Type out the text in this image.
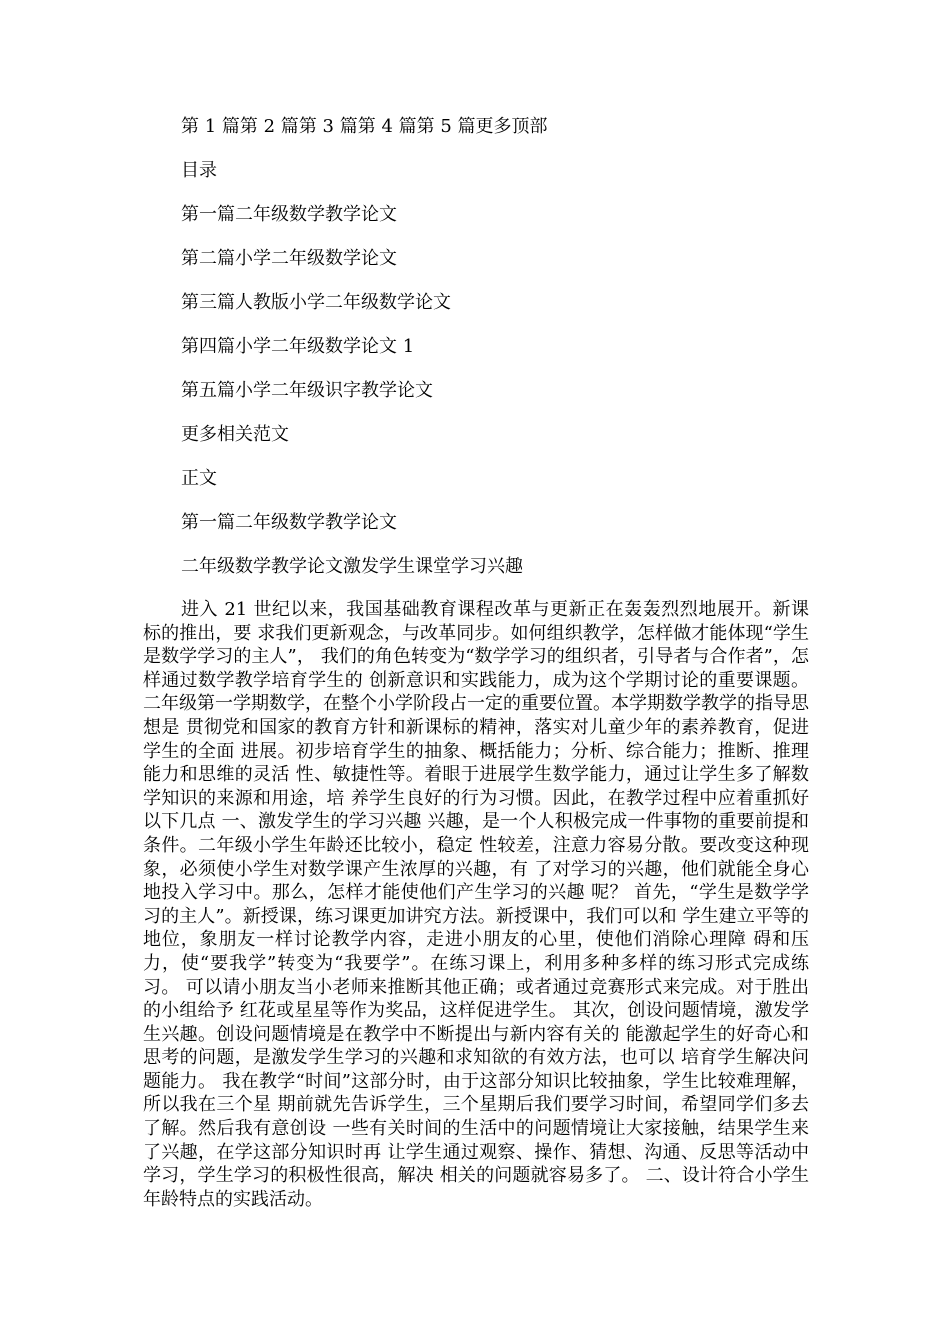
第 1 篇第 2 篇第 3 篇第 4 篇第 5 篇更多顶部
目录
第一篇二年级数学教学论文
第二篇小学二年级数学论文
第三篇人教版小学二年级数学论文
第四篇小学二年级数学论文 1
第五篇小学二年级识字教学论文
更多相关范文
正文
第一篇二年级数学教学论文
二年级数学教学论文激发学生课堂学习兴趣

进入 21 世纪以来，我国基础教育课程改革与更新正在轰轰烈烈地展开。新课标的推出，要 求我们更新观念，与改革同步。如何组织教学，怎样做才能体现“学生是数学学习的主人”， 我们的角色转变为“数学学习的组织者，引导者与合作者”，怎样通过数学教学培育学生的 创新意识和实践能力，成为这个学期讨论的重要课题。 二年级第一学期数学，在整个小学阶段占一定的重要位置。本学期数学教学的指导思想是 贯彻党和国家的教育方针和新课标的精神，落实对儿童少年的素养教育，促进学生的全面 进展。初步培育学生的抽象、概括能力；分析、综合能力；推断、推理能力和思维的灵活 性、敏捷性等。着眼于进展学生数学能力，通过让学生多了解数学知识的来源和用途，培 养学生良好的行为习惯。因此，在教学过程中应着重抓好以下几点 一、激发学生的学习兴趣 兴趣，是一个人积极完成一件事物的重要前提和条件。二年级小学生年龄还比较小，稳定 性较差，注意力容易分散。要改变这种现象，必须使小学生对数学课产生浓厚的兴趣，有 了对学习的兴趣，他们就能全身心地投入学习中。那么，怎样才能使他们产生学习的兴趣 呢？ 首先，“学生是数学学习的主人”。新授课，练习课更加讲究方法。新授课中，我们可以和 学生建立平等的地位，象朋友一样讨论教学内容，走进小朋友的心里，使他们消除心理障 碍和压力，使“要我学”转变为“我要学”。在练习课上，利用多种多样的练习形式完成练习。 可以请小朋友当小老师来推断其他正确；或者通过竞赛形式来完成。对于胜出的小组给予 红花或星星等作为奖品，这样促进学生。 其次，创设问题情境，激发学生兴趣。创设问题情境是在教学中不断提出与新内容有关的 能激起学生的好奇心和思考的问题，是激发学生学习的兴趣和求知欲的有效方法，也可以 培育学生解决问题能力。 我在教学“时间”这部分时，由于这部分知识比较抽象，学生比较难理解，所以我在三个星 期前就先告诉学生，三个星期后我们要学习时间，希望同学们多去了解。然后我有意创设 一些有关时间的生活中的问题情境让大家接触，结果学生来了兴趣，在学这部分知识时再 让学生通过观察、操作、猜想、沟通、反思等活动中学习，学生学习的积极性很高，解决 相关的问题就容易多了。 二、设计符合小学生年龄特点的实践活动。
